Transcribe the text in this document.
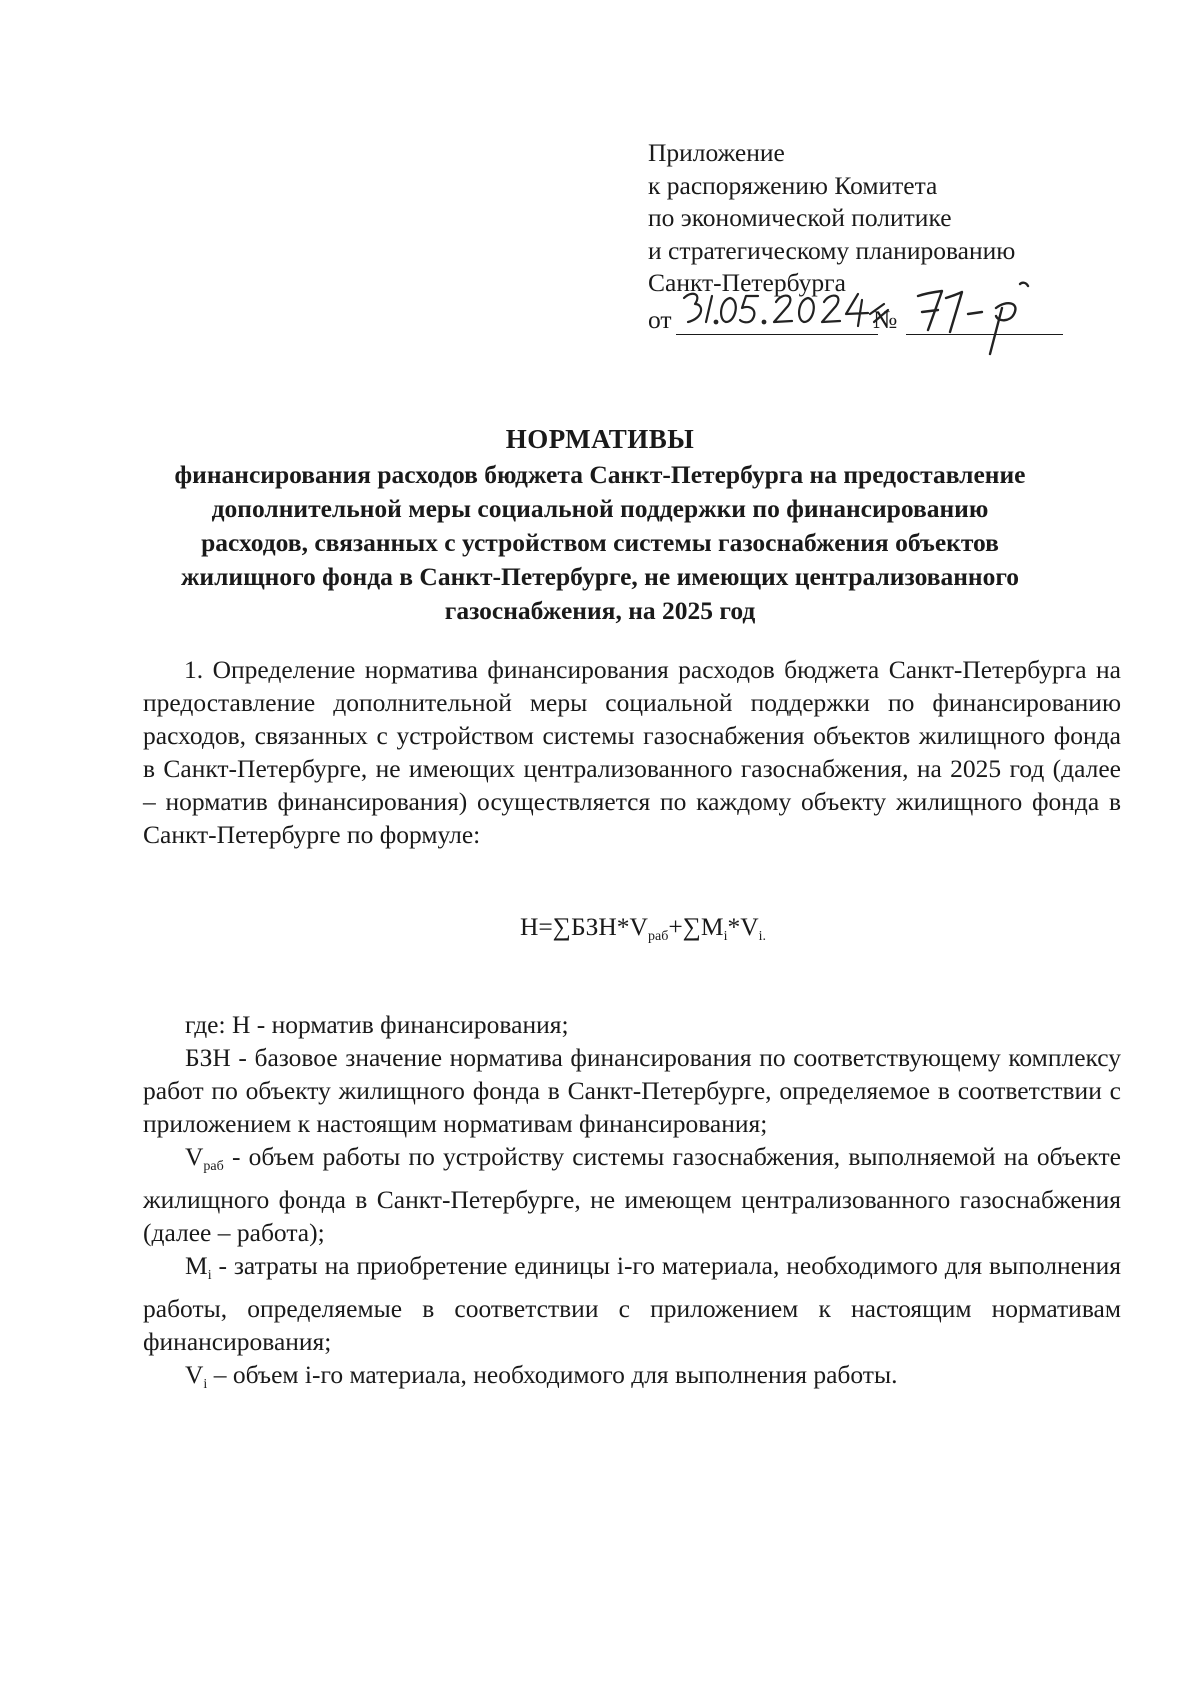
Приложение
к распоряжению Комитета
по экономической политике
и стратегическому планированию
Санкт-Петербурга
от	№
НОРМАТИВЫ
финансирования расходов бюджета Санкт-Петербурга на предоставление
дополнительной меры социальной поддержки по финансированию
расходов, связанных с устройством системы газоснабжения объектов
жилищного фонда в Санкт-Петербурге, не имеющих централизованного
газоснабжения, на 2025 год

1. Определение норматива финансирования расходов бюджета Санкт-Петербурга на предоставление дополнительной меры социальной поддержки по финансированию расходов, связанных с устройством системы газоснабжения объектов жилищного фонда в Санкт-Петербурге, не имеющих централизованного газоснабжения, на 2025 год (далее – норматив финансирования) осуществляется по каждому объекту жилищного фонда в Санкт-Петербурге по формуле:

$Н=\sum БЗН*V_{раб}+\sum M_i*V_{i.}$

где: Н - норматив финансирования;

БЗН - базовое значение норматива финансирования по соответствующему комплексу работ по объекту жилищного фонда в Санкт-Петербурге, определяемое в соответствии с приложением к настоящим нормативам финансирования;

$V_{раб}$ - объем работы по устройству системы газоснабжения, выполняемой на объекте жилищного фонда в Санкт-Петербурге, не имеющем централизованного газоснабжения (далее – работа);

$M_i$ - затраты на приобретение единицы i-го материала, необходимого для выполнения работы, определяемые в соответствии с приложением к настоящим нормативам финансирования;

$V_i$ – объем i-го материала, необходимого для выполнения работы.
